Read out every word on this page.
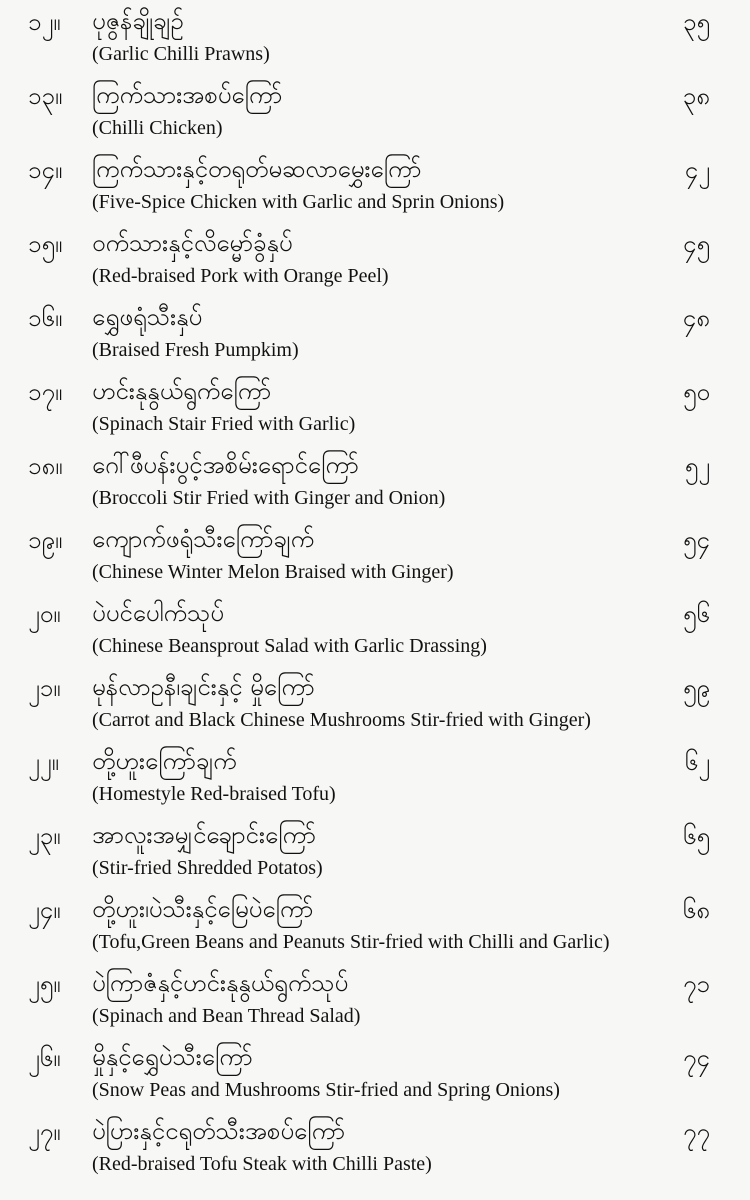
၁၂။ ပုဇွန်ချိုချဉ်
(Garlic Chilli Prawns)
၃၅
၁၃။ ကြက်သားအစပ်ကြော်
(Chilli Chicken)
၃၈
၁၄။ ကြက်သားနှင့်တရုတ်မဆလာမွှေးကြော်
(Five-Spice Chicken with Garlic and Sprin Onions)
၄၂
၁၅။ ဝက်သားနှင့်လိမ္မော်ခွံနှပ်
(Red-braised Pork with Orange Peel)
၄၅
၁၆။ ရွှေဖရုံသီးနှပ်
(Braised Fresh Pumpkim)
၄၈
၁၇။ ဟင်းနုနွယ်ရွက်ကြော်
(Spinach Stair Fried with Garlic)
၅၀
၁၈။ ဂေါ်ဖီပန်းပွင့်အစိမ်းရောင်ကြော်
(Broccoli Stir Fried with Ginger and Onion)
၅၂
၁၉။ ကျောက်ဖရုံသီးကြော်ချက်
(Chinese Winter Melon Braised with Ginger)
၅၄
၂၀။ ပဲပင်ပေါက်သုပ်
(Chinese Beansprout Salad with Garlic Drassing)
၅၆
၂၁။ မုန်လာဥနီ၊ချင်းနှင့် မှိုကြော်
(Carrot and Black Chinese Mushrooms Stir-fried with Ginger)
၅၉
၂၂။ တို့ဟူးကြော်ချက်
(Homestyle Red-braised Tofu)
၆၂
၂၃။ အာလူးအမျှင်ချောင်းကြော်
(Stir-fried Shredded Potatos)
၆၅
၂၄။ တို့ဟူး၊ပဲသီးနှင့်မြေပဲကြော်
(Tofu,Green Beans and Peanuts Stir-fried with Chilli and Garlic)
၆၈
၂၅။ ပဲကြာဇံနှင့်ဟင်းနုနွယ်ရွက်သုပ်
(Spinach and Bean Thread Salad)
၇၁
၂၆။ မှိုနှင့်ရွှေပဲသီးကြော်
(Snow Peas and Mushrooms Stir-fried and Spring Onions)
၇၄
၂၇။ ပဲပြားနှင့်ငရုတ်သီးအစပ်ကြော်
(Red-braised Tofu Steak with Chilli Paste)
၇၇
